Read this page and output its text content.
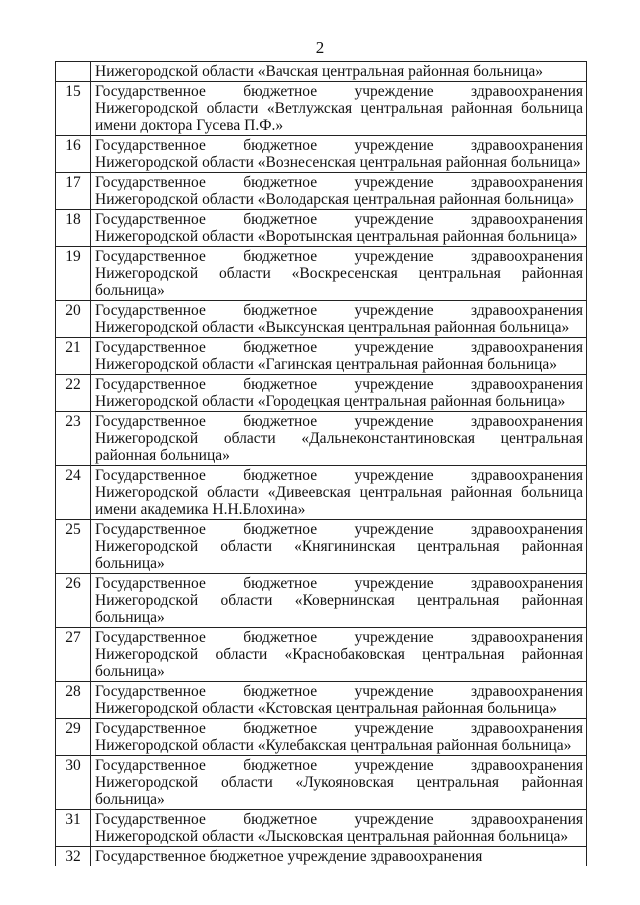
2

	Нижегородской области «Вачская центральная районная больница»

15	Государственное бюджетное учреждение здравоохранения
Нижегородской области «Ветлужская центральная районная больница
имени доктора Гусева П.Ф.»

16	Государственное бюджетное учреждение здравоохранения
Нижегородской области «Вознесенская центральная районная больница»

17	Государственное бюджетное учреждение здравоохранения
Нижегородской области «Володарская центральная районная больница»

18	Государственное бюджетное учреждение здравоохранения
Нижегородской области «Воротынская центральная районная больница»

19	Государственное бюджетное учреждение здравоохранения
Нижегородской области «Воскресенская центральная районная
больница»

20	Государственное бюджетное учреждение здравоохранения
Нижегородской области «Выксунская центральная районная больница»

21	Государственное бюджетное учреждение здравоохранения
Нижегородской области «Гагинская центральная районная больница»

22	Государственное бюджетное учреждение здравоохранения
Нижегородской области «Городецкая центральная районная больница»

23	Государственное бюджетное учреждение здравоохранения
Нижегородской области «Дальнеконстантиновская центральная
районная больница»

24	Государственное бюджетное учреждение здравоохранения
Нижегородской области «Дивеевская центральная районная больница
имени академика Н.Н.Блохина»

25	Государственное бюджетное учреждение здравоохранения
Нижегородской области «Княгининская центральная районная
больница»

26	Государственное бюджетное учреждение здравоохранения
Нижегородской области «Ковернинская центральная районная
больница»

27	Государственное бюджетное учреждение здравоохранения
Нижегородской области «Краснобаковская центральная районная
больница»

28	Государственное бюджетное учреждение здравоохранения
Нижегородской области «Кстовская центральная районная больница»

29	Государственное бюджетное учреждение здравоохранения
Нижегородской области «Кулебакская центральная районная больница»

30	Государственное бюджетное учреждение здравоохранения
Нижегородской области «Лукояновская центральная районная
больница»

31	Государственное бюджетное учреждение здравоохранения
Нижегородской области «Лысковская центральная районная больница»

32	Государственное бюджетное учреждение здравоохранения
